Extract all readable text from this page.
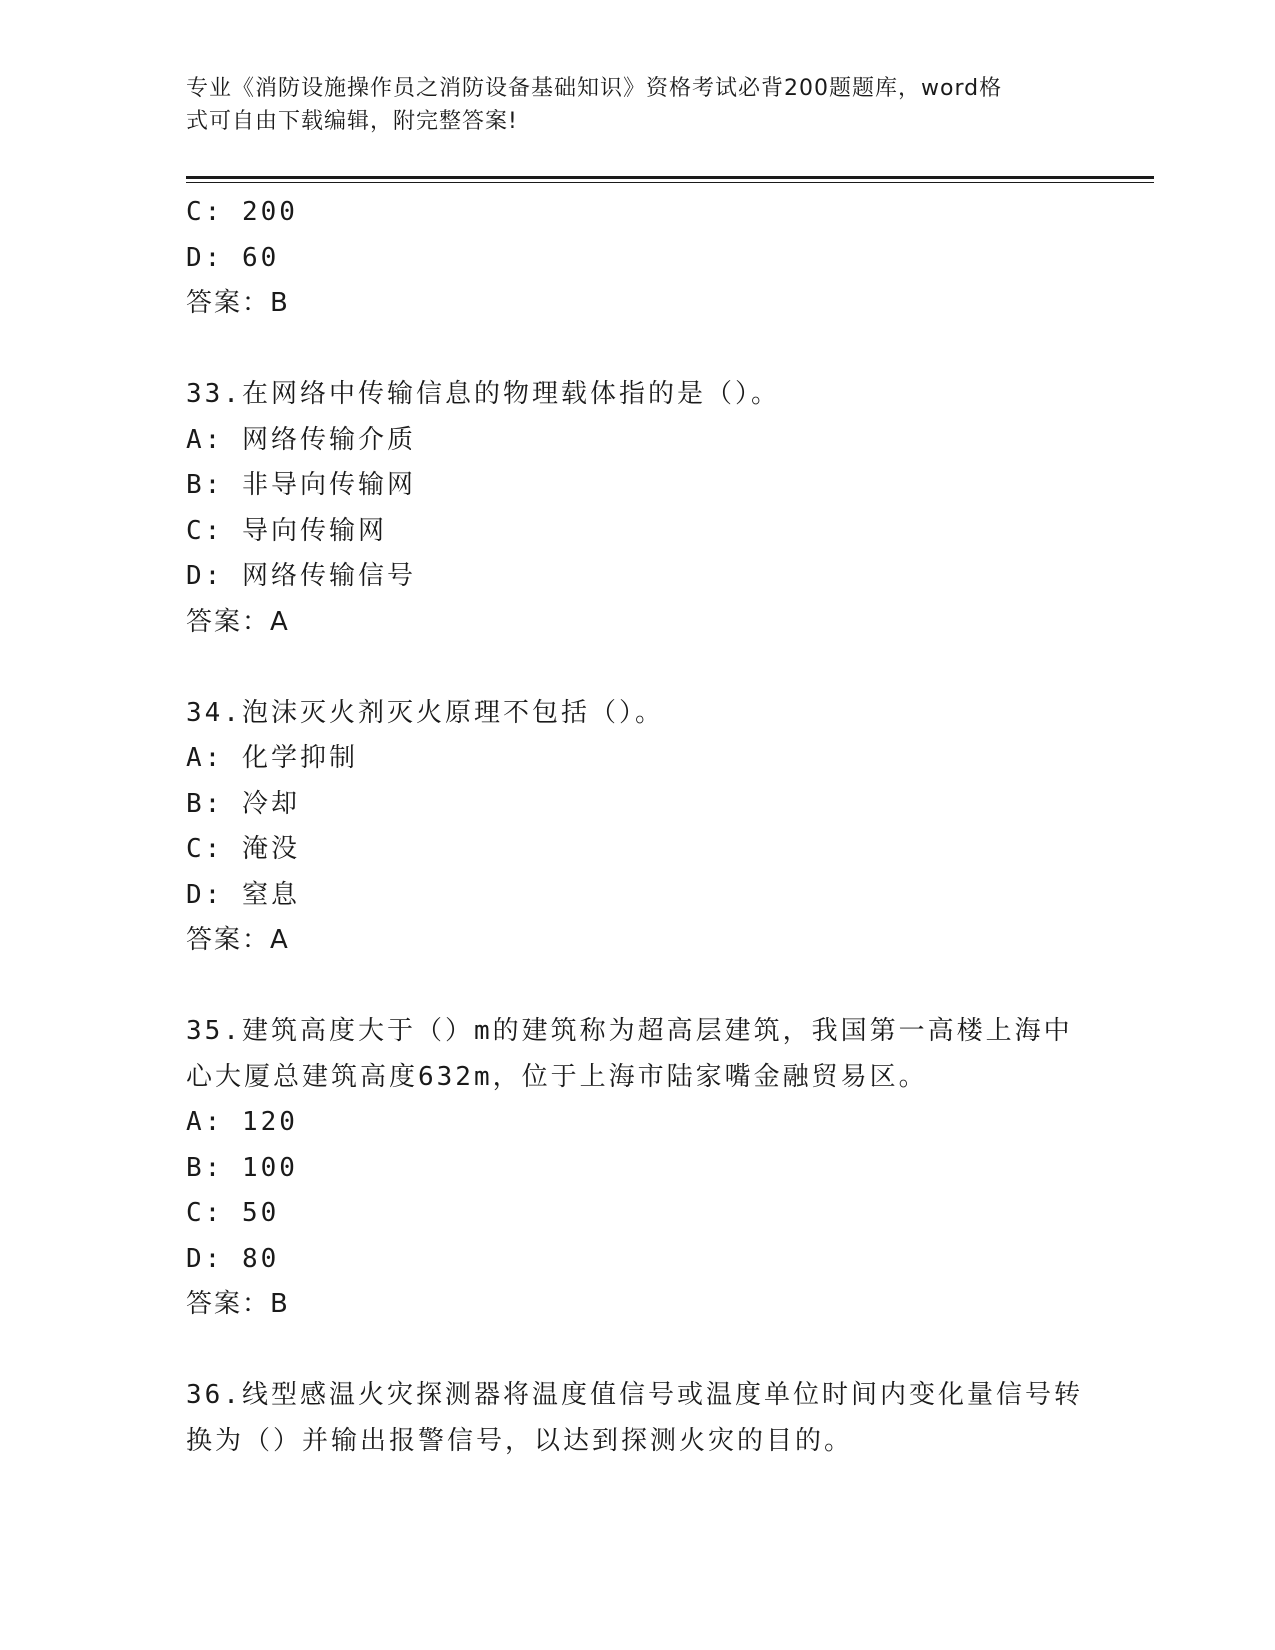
专业《消防设施操作员之消防设备基础知识》资格考试必背200题题库，word格
式可自由下载编辑，附完整答案!
C: 200
D: 60
答案：B
33.在网络中传输信息的物理载体指的是（）。
A: 网络传输介质
B: 非导向传输网
C: 导向传输网
D: 网络传输信号
答案：A
34.泡沫灭火剂灭火原理不包括（）。
A: 化学抑制
B: 冷却
C: 淹没
D: 窒息
答案：A
35.建筑高度大于（）m的建筑称为超高层建筑，我国第一高楼上海中
心大厦总建筑高度632m，位于上海市陆家嘴金融贸易区。
A: 120
B: 100
C: 50
D: 80
答案：B
36.线型感温火灾探测器将温度值信号或温度单位时间内变化量信号转
换为（）并输出报警信号，以达到探测火灾的目的。
